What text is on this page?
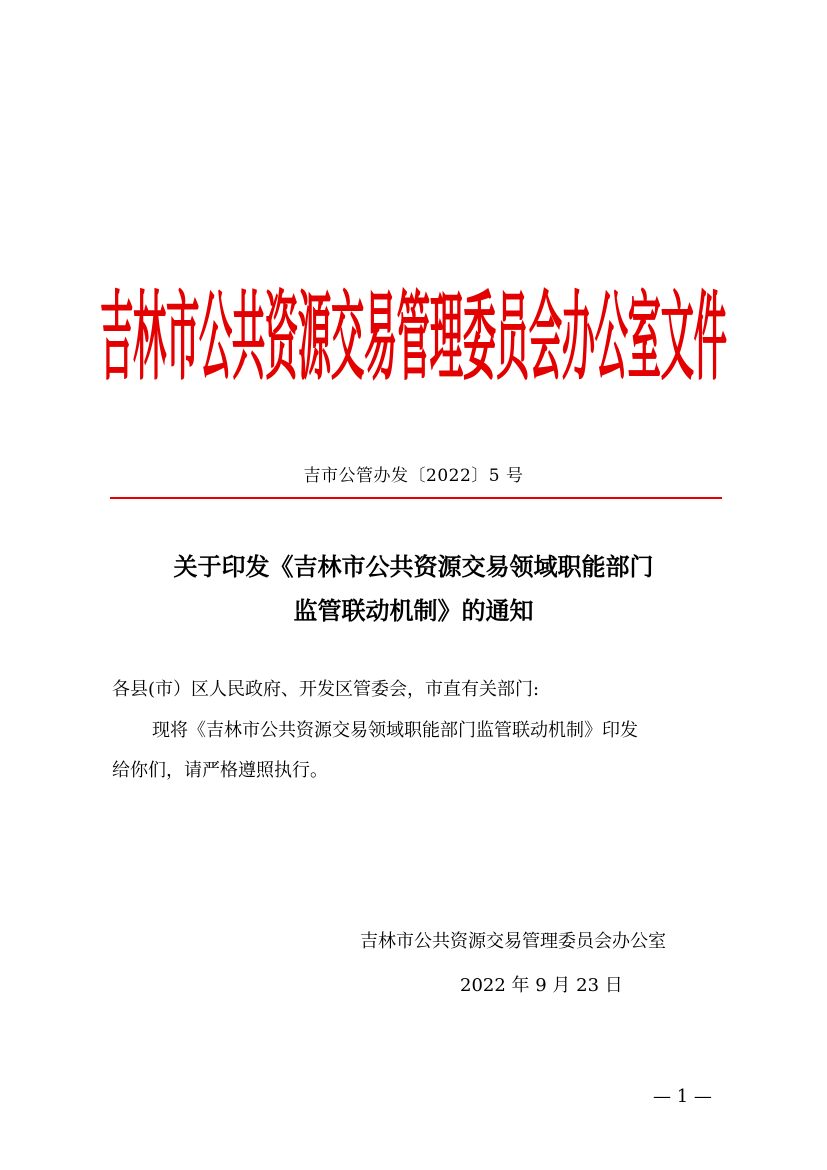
吉林市公共资源交易管理委员会办公室文件
吉市公管办发〔2022〕5 号
关于印发《吉林市公共资源交易领域职能部门
监管联动机制》的通知
各县(市）区人民政府、开发区管委会，市直有关部门:
现将《吉林市公共资源交易领域职能部门监管联动机制》印发
给你们，请严格遵照执行。
吉林市公共资源交易管理委员会办公室
2022 年 9 月 23 日
— 1 —
